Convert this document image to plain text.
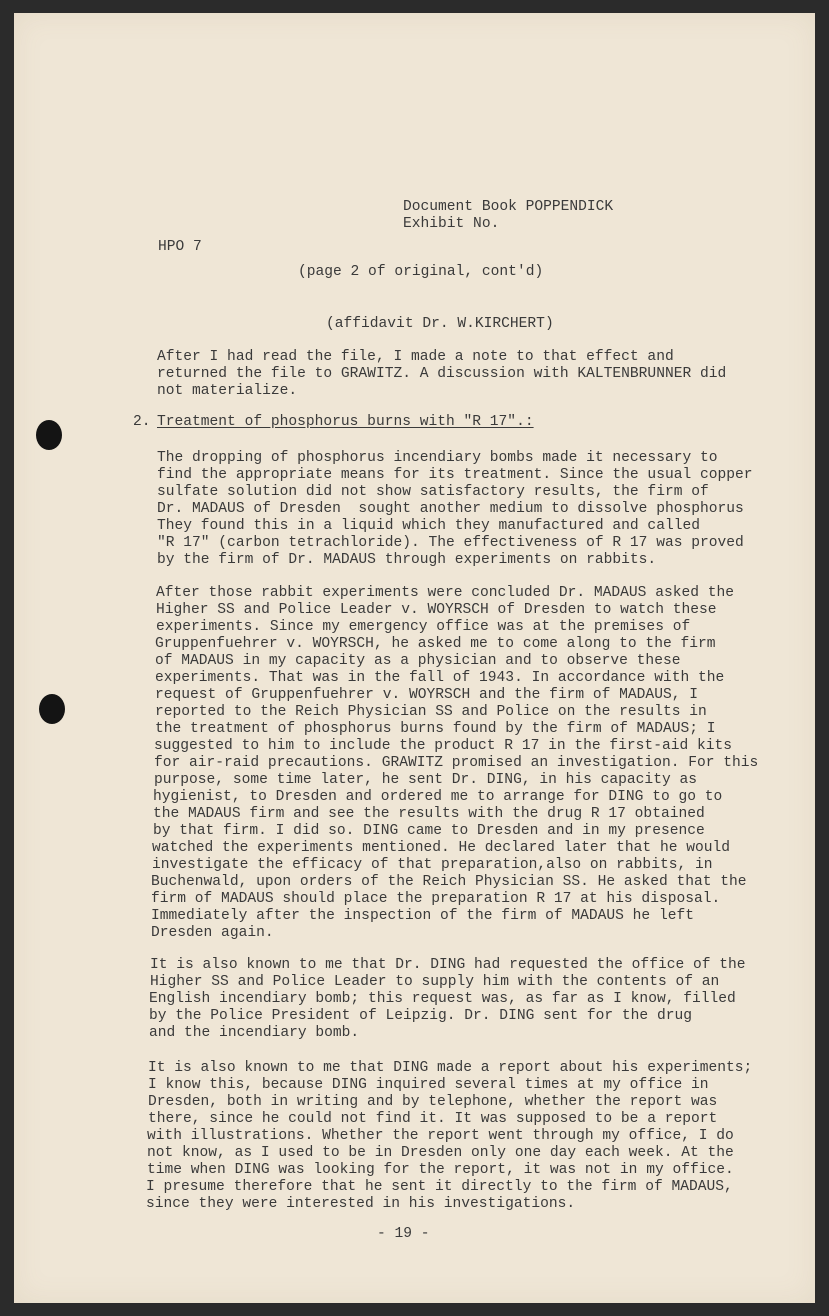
Document Book POPPENDICK

Exhibit No.

HPO 7

(page 2 of original, cont'd)

(affidavit Dr. W.KIRCHERT)

After I had read the file, I made a note to that effect and

returned the file to GRAWITZ. A discussion with KALTENBRUNNER did

not materialize.

2. Treatment of phosphorus burns with "R 17".:

The dropping of phosphorus incendiary bombs made it necessary to

find the appropriate means for its treatment. Since the usual copper

sulfate solution did not show satisfactory results, the firm of

Dr. MADAUS of Dresden  sought another medium to dissolve phosphorus

They found this in a liquid which they manufactured and called

"R 17" (carbon tetrachloride). The effectiveness of R 17 was proved

by the firm of Dr. MADAUS through experiments on rabbits.

After those rabbit experiments were concluded Dr. MADAUS asked the

Higher SS and Police Leader v. WOYRSCH of Dresden to watch these

experiments. Since my emergency office was at the premises of

Gruppenfuehrer v. WOYRSCH, he asked me to come along to the firm

of MADAUS in my capacity as a physician and to observe these

experiments. That was in the fall of 1943. In accordance with the

request of Gruppenfuehrer v. WOYRSCH and the firm of MADAUS, I

reported to the Reich Physician SS and Police on the results in

the treatment of phosphorus burns found by the firm of MADAUS; I

suggested to him to include the product R 17 in the first-aid kits

for air-raid precautions. GRAWITZ promised an investigation. For this

purpose, some time later, he sent Dr. DING, in his capacity as

hygienist, to Dresden and ordered me to arrange for DING to go to

the MADAUS firm and see the results with the drug R 17 obtained

by that firm. I did so. DING came to Dresden and in my presence

watched the experiments mentioned. He declared later that he would

investigate the efficacy of that preparation,also on rabbits, in

Buchenwald, upon orders of the Reich Physician SS. He asked that the

firm of MADAUS should place the preparation R 17 at his disposal.

Immediately after the inspection of the firm of MADAUS he left

Dresden again.

It is also known to me that Dr. DING had requested the office of the

Higher SS and Police Leader to supply him with the contents of an

English incendiary bomb; this request was, as far as I know, filled

by the Police President of Leipzig. Dr. DING sent for the drug

and the incendiary bomb.

It is also known to me that DING made a report about his experiments;

I know this, because DING inquired several times at my office in

Dresden, both in writing and by telephone, whether the report was

there, since he could not find it. It was supposed to be a report

with illustrations. Whether the report went through my office, I do

not know, as I used to be in Dresden only one day each week. At the

time when DING was looking for the report, it was not in my office.

I presume therefore that he sent it directly to the firm of MADAUS,

since they were interested in his investigations.

- 19 -
